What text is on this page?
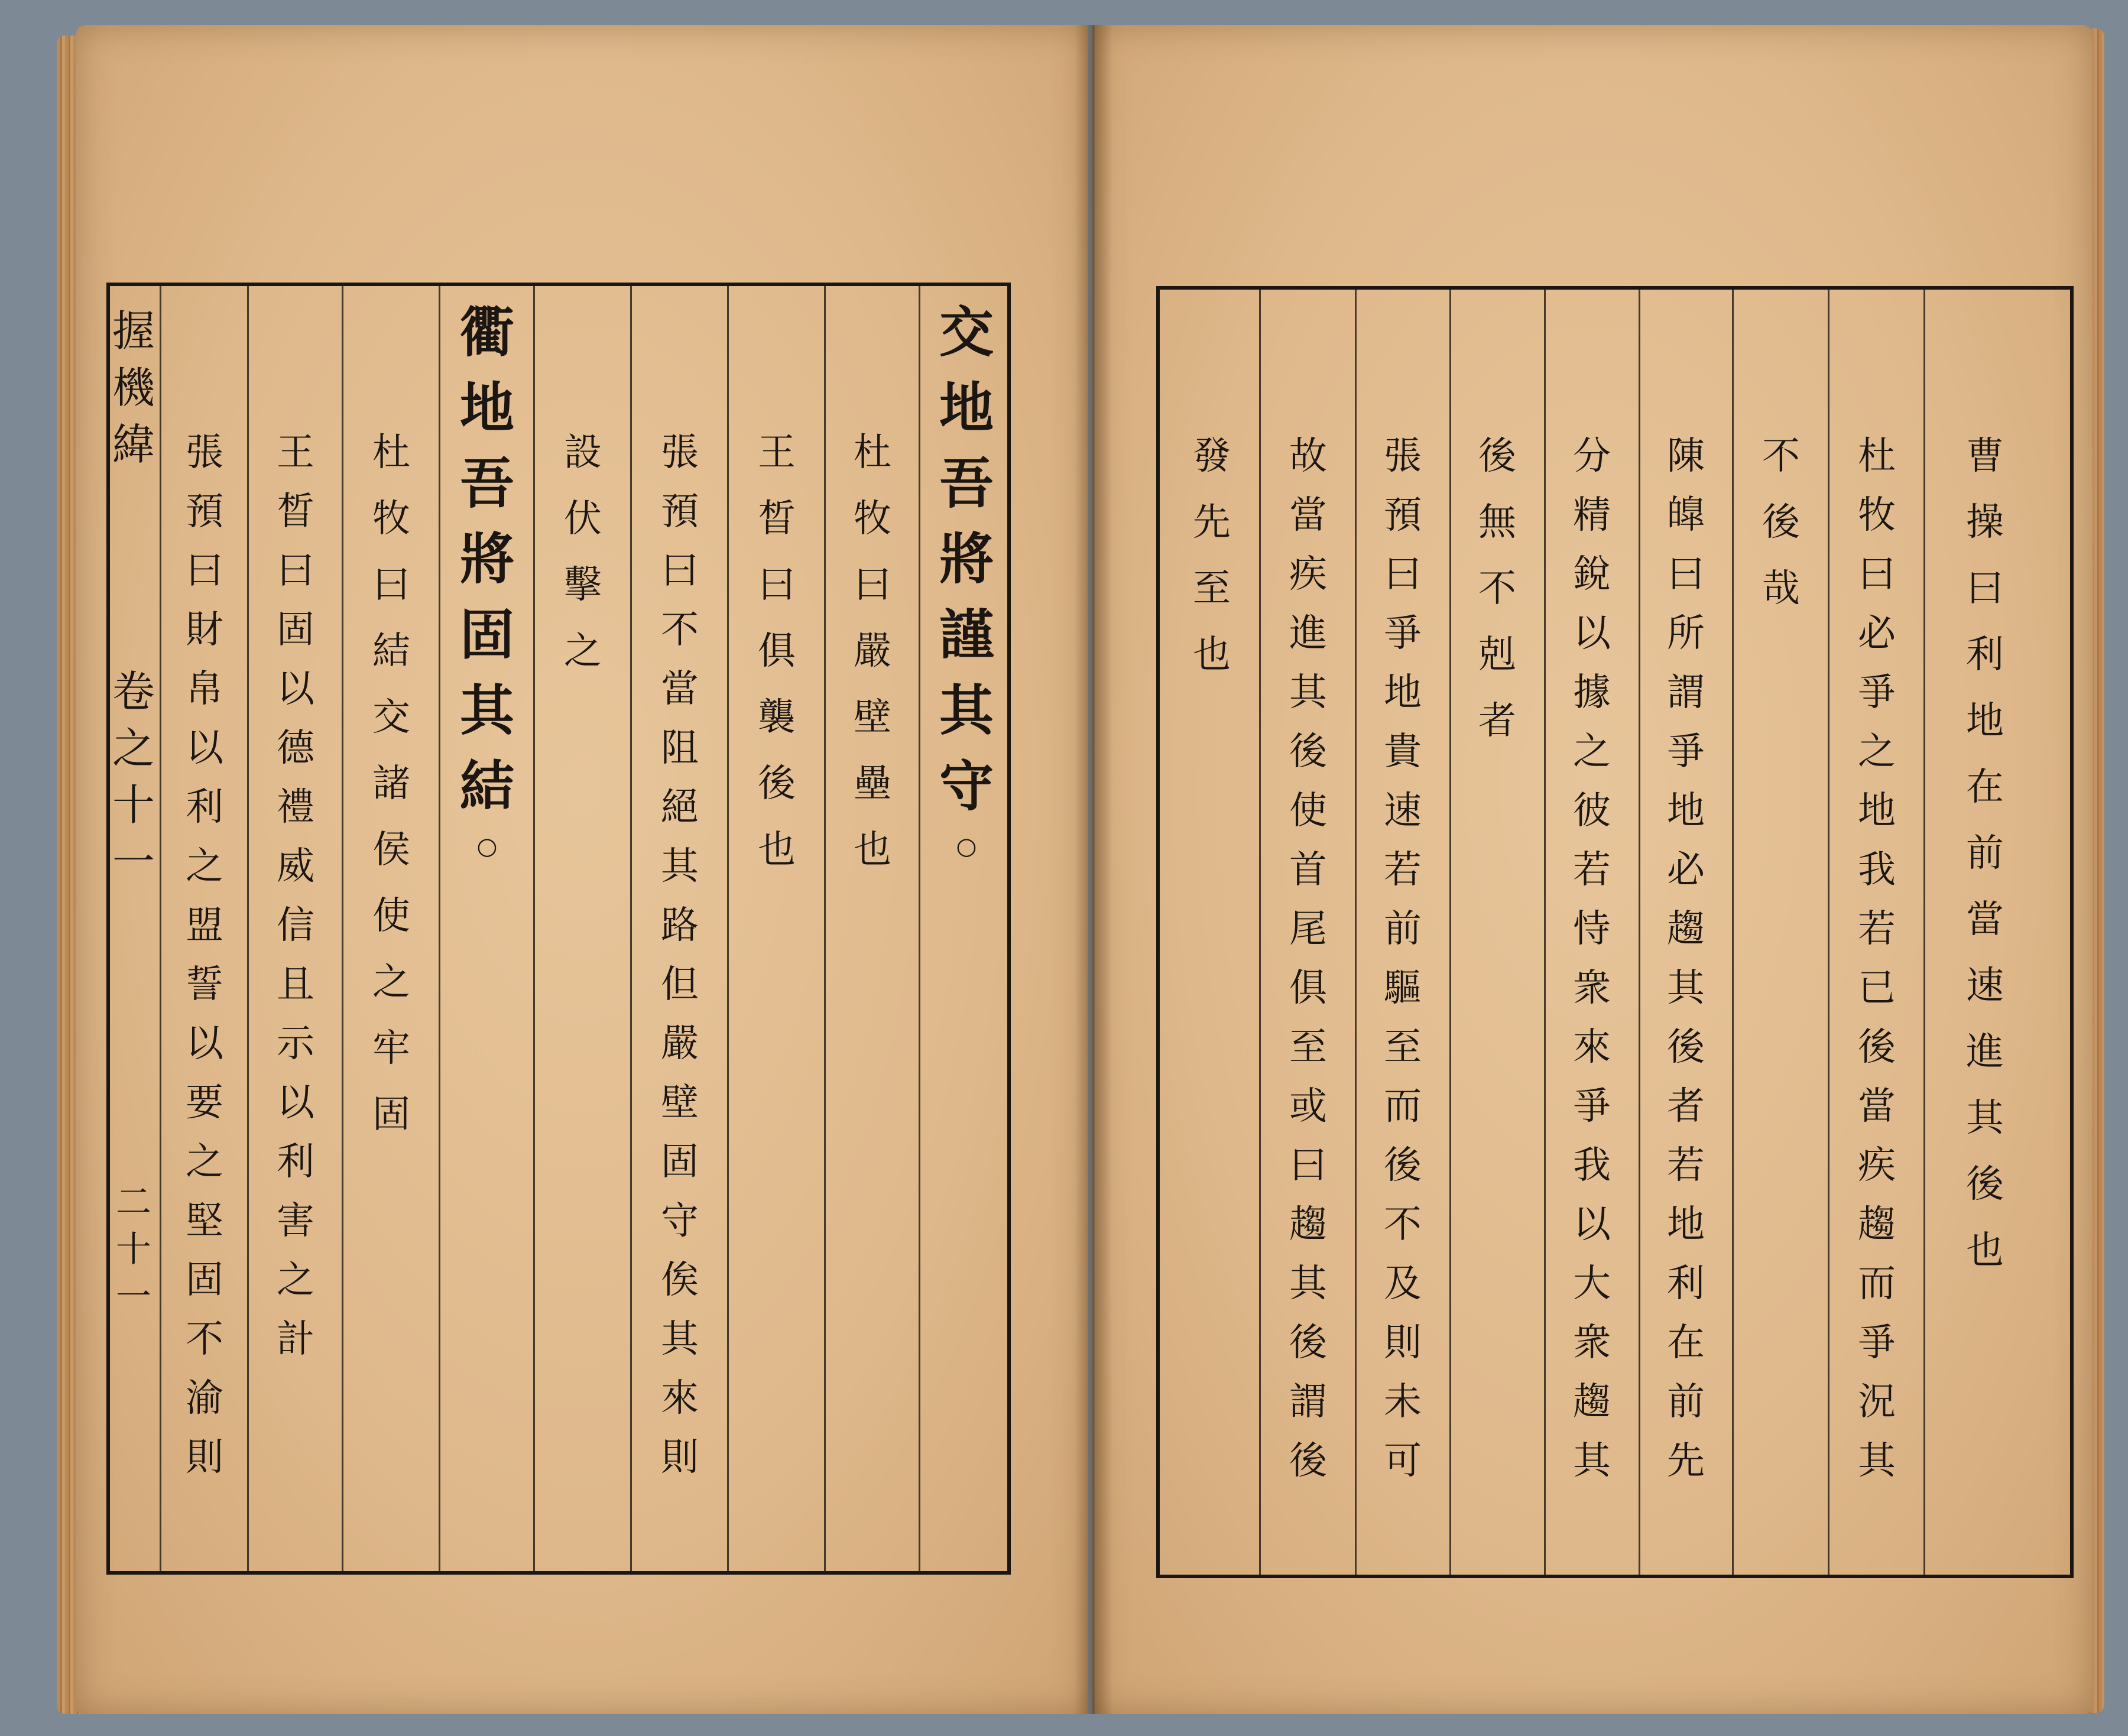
握
機
緯
卷
之
十
一
二
十
一
交
地
吾
將
謹
其
守
○
杜
牧
曰
嚴
壁
壘
也
王
晳
曰
俱
襲
後
也
張
預
曰
不
當
阻
絕
其
路
但
嚴
壁
固
守
俟
其
來
則
設
伏
擊
之
衢
地
吾
將
固
其
結
○
杜
牧
曰
結
交
諸
侯
使
之
牢
固
王
晳
曰
固
以
德
禮
威
信
且
示
以
利
害
之
計
張
預
曰
財
帛
以
利
之
盟
誓
以
要
之
堅
固
不
渝
則
曹
操
曰
利
地
在
前
當
速
進
其
後
也
杜
牧
曰
必
爭
之
地
我
若
已
後
當
疾
趨
而
爭
況
其
不
後
哉
陳
皥
曰
所
謂
爭
地
必
趨
其
後
者
若
地
利
在
前
先
分
精
銳
以
據
之
彼
若
恃
衆
來
爭
我
以
大
衆
趨
其
後
無
不
剋
者
張
預
曰
爭
地
貴
速
若
前
驅
至
而
後
不
及
則
未
可
故
當
疾
進
其
後
使
首
尾
俱
至
或
曰
趨
其
後
謂
後
發
先
至
也
